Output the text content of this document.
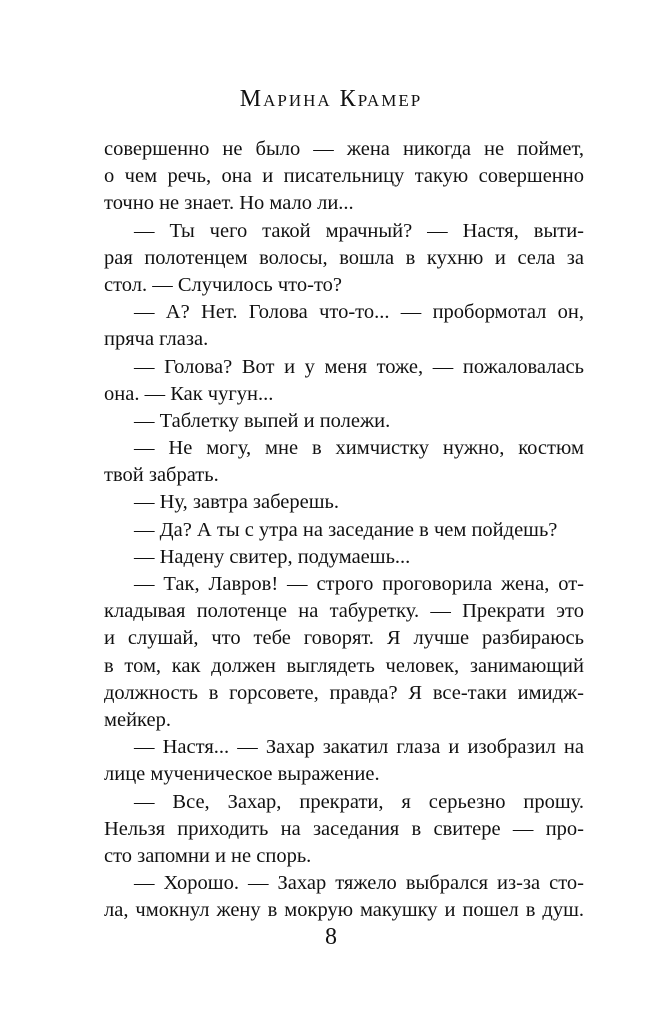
Марина Крамер
совершенно не было — жена никогда не поймет,
о чем речь, она и писательницу такую совершенно
точно не знает. Но мало ли...
— Ты чего такой мрачный? — Настя, выти-
рая полотенцем волосы, вошла в кухню и села за
стол. — Случилось что-то?
— А? Нет. Голова что-то... — пробормотал он,
пряча глаза.
— Голова? Вот и у меня тоже, — пожаловалась
она. — Как чугун...
— Таблетку выпей и полежи.
— Не могу, мне в химчистку нужно, костюм
твой забрать.
— Ну, завтра заберешь.
— Да? А ты с утра на заседание в чем пойдешь?
— Надену свитер, подумаешь...
— Так, Лавров! — строго проговорила жена, от-
кладывая полотенце на табуретку. — Прекрати это
и слушай, что тебе говорят. Я лучше разбираюсь
в том, как должен выглядеть человек, занимающий
должность в горсовете, правда? Я все-таки имидж-
мейкер.
— Настя... — Захар закатил глаза и изобразил на
лице мученическое выражение.
— Все, Захар, прекрати, я серьезно прошу.
Нельзя приходить на заседания в свитере — про-
сто запомни и не спорь.
— Хорошо. — Захар тяжело выбрался из-за сто-
ла, чмокнул жену в мокрую макушку и пошел в душ.
8
